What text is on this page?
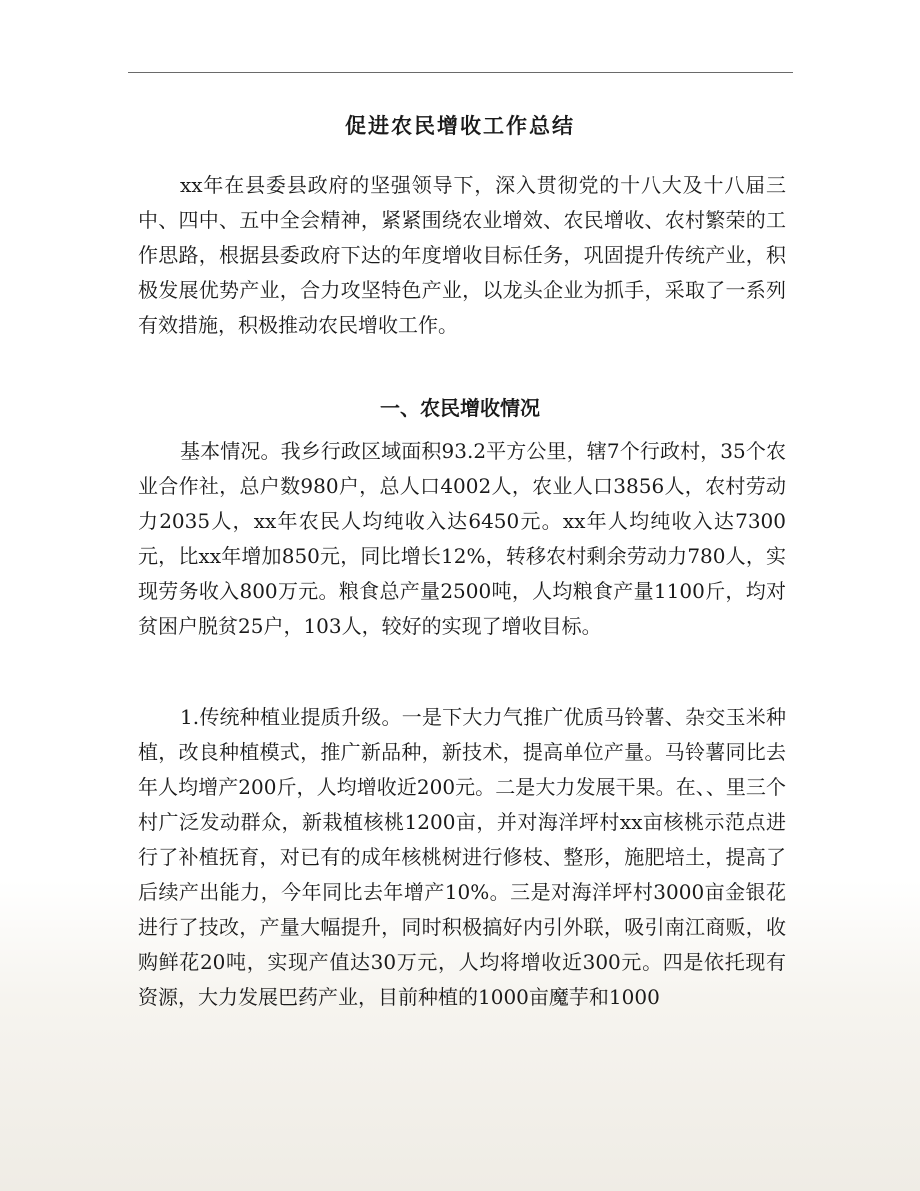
促进农民增收工作总结

xx年在县委县政府的坚强领导下，深入贯彻党的十八大及十八届三中、四中、五中全会精神，紧紧围绕农业增效、农民增收、农村繁荣的工作思路，根据县委政府下达的年度增收目标任务，巩固提升传统产业，积极发展优势产业，合力攻坚特色产业，以龙头企业为抓手，采取了一系列有效措施，积极推动农民增收工作。

一、农民增收情况

基本情况。我乡行政区域面积93.2平方公里，辖7个行政村，35个农业合作社，总户数980户，总人口4002人，农业人口3856人，农村劳动力2035人，xx年农民人均纯收入达6450元。xx年人均纯收入达7300元，比xx年增加850元，同比增长12%，转移农村剩余劳动力780人，实现劳务收入800万元。粮食总产量2500吨，人均粮食产量1100斤，均对贫困户脱贫25户，103人，较好的实现了增收目标。

1.传统种植业提质升级。一是下大力气推广优质马铃薯、杂交玉米种植，改良种植模式，推广新品种，新技术，提高单位产量。马铃薯同比去年人均增产200斤，人均增收近200元。二是大力发展干果。在、、里三个村广泛发动群众，新栽植核桃1200亩，并对海洋坪村xx亩核桃示范点进行了补植抚育，对已有的成年核桃树进行修枝、整形，施肥培土，提高了后续产出能力，今年同比去年增产10%。三是对海洋坪村3000亩金银花进行了技改，产量大幅提升，同时积极搞好内引外联，吸引南江商贩，收购鲜花20吨，实现产值达30万元，人均将增收近300元。四是依托现有资源，大力发展巴药产业，目前种植的1000亩魔芋和1000
